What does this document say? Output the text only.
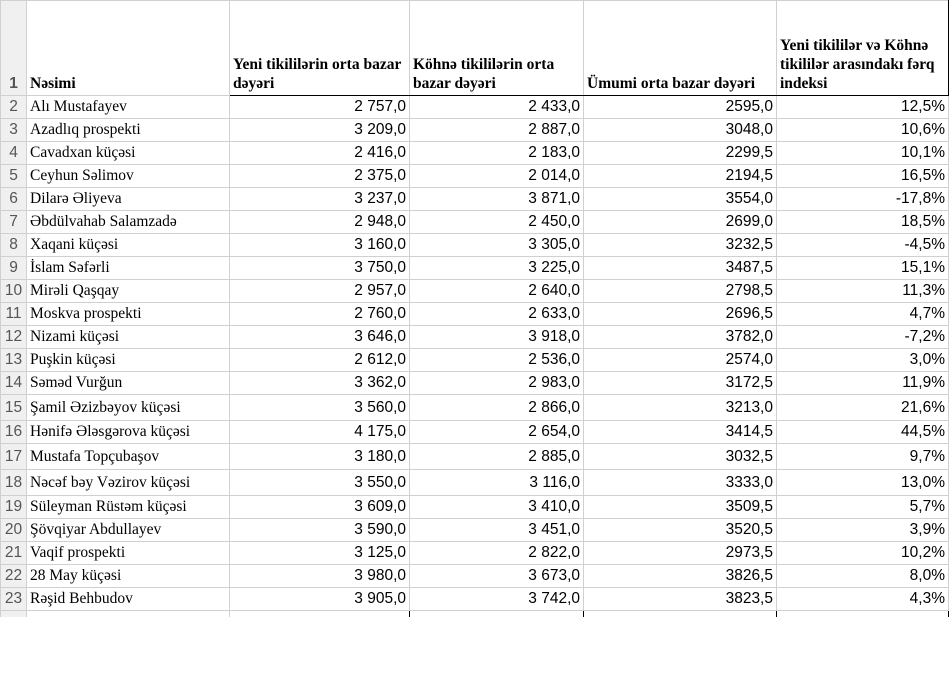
1	Nəsimi	Yeni tikililərin orta bazar dəyəri	Köhnə tikililərin orta bazar dəyəri	Ümumi orta bazar dəyəri	Yeni tikililər və Köhnə tikililər arasındakı fərq indeksi
2	Alı Mustafayev	2 757,0	2 433,0	2595,0	12,5%
3	Azadlıq prospekti	3 209,0	2 887,0	3048,0	10,6%
4	Cavadxan küçəsi	2 416,0	2 183,0	2299,5	10,1%
5	Ceyhun Səlimov	2 375,0	2 014,0	2194,5	16,5%
6	Dilarə Əliyeva	3 237,0	3 871,0	3554,0	-17,8%
7	Əbdülvahab Salamzadə	2 948,0	2 450,0	2699,0	18,5%
8	Xaqani küçəsi	3 160,0	3 305,0	3232,5	-4,5%
9	İslam Səfərli	3 750,0	3 225,0	3487,5	15,1%
10	Mirəli Qaşqay	2 957,0	2 640,0	2798,5	11,3%
11	Moskva prospekti	2 760,0	2 633,0	2696,5	4,7%
12	Nizami küçəsi	3 646,0	3 918,0	3782,0	-7,2%
13	Puşkin küçəsi	2 612,0	2 536,0	2574,0	3,0%
14	Səməd Vurğun	3 362,0	2 983,0	3172,5	11,9%
15	Şamil Əzizbəyov küçəsi	3 560,0	2 866,0	3213,0	21,6%
16	Hənifə Ələsgərova küçəsi	4 175,0	2 654,0	3414,5	44,5%
17	Mustafa Topçubaşov	3 180,0	2 885,0	3032,5	9,7%
18	Nəcəf bəy Vəzirov küçəsi	3 550,0	3 116,0	3333,0	13,0%
19	Süleyman Rüstəm küçəsi	3 609,0	3 410,0	3509,5	5,7%
20	Şövqiyar Abdullayev	3 590,0	3 451,0	3520,5	3,9%
21	Vaqif prospekti	3 125,0	2 822,0	2973,5	10,2%
22	28 May küçəsi	3 980,0	3 673,0	3826,5	8,0%
23	Rəşid Behbudov	3 905,0	3 742,0	3823,5	4,3%
